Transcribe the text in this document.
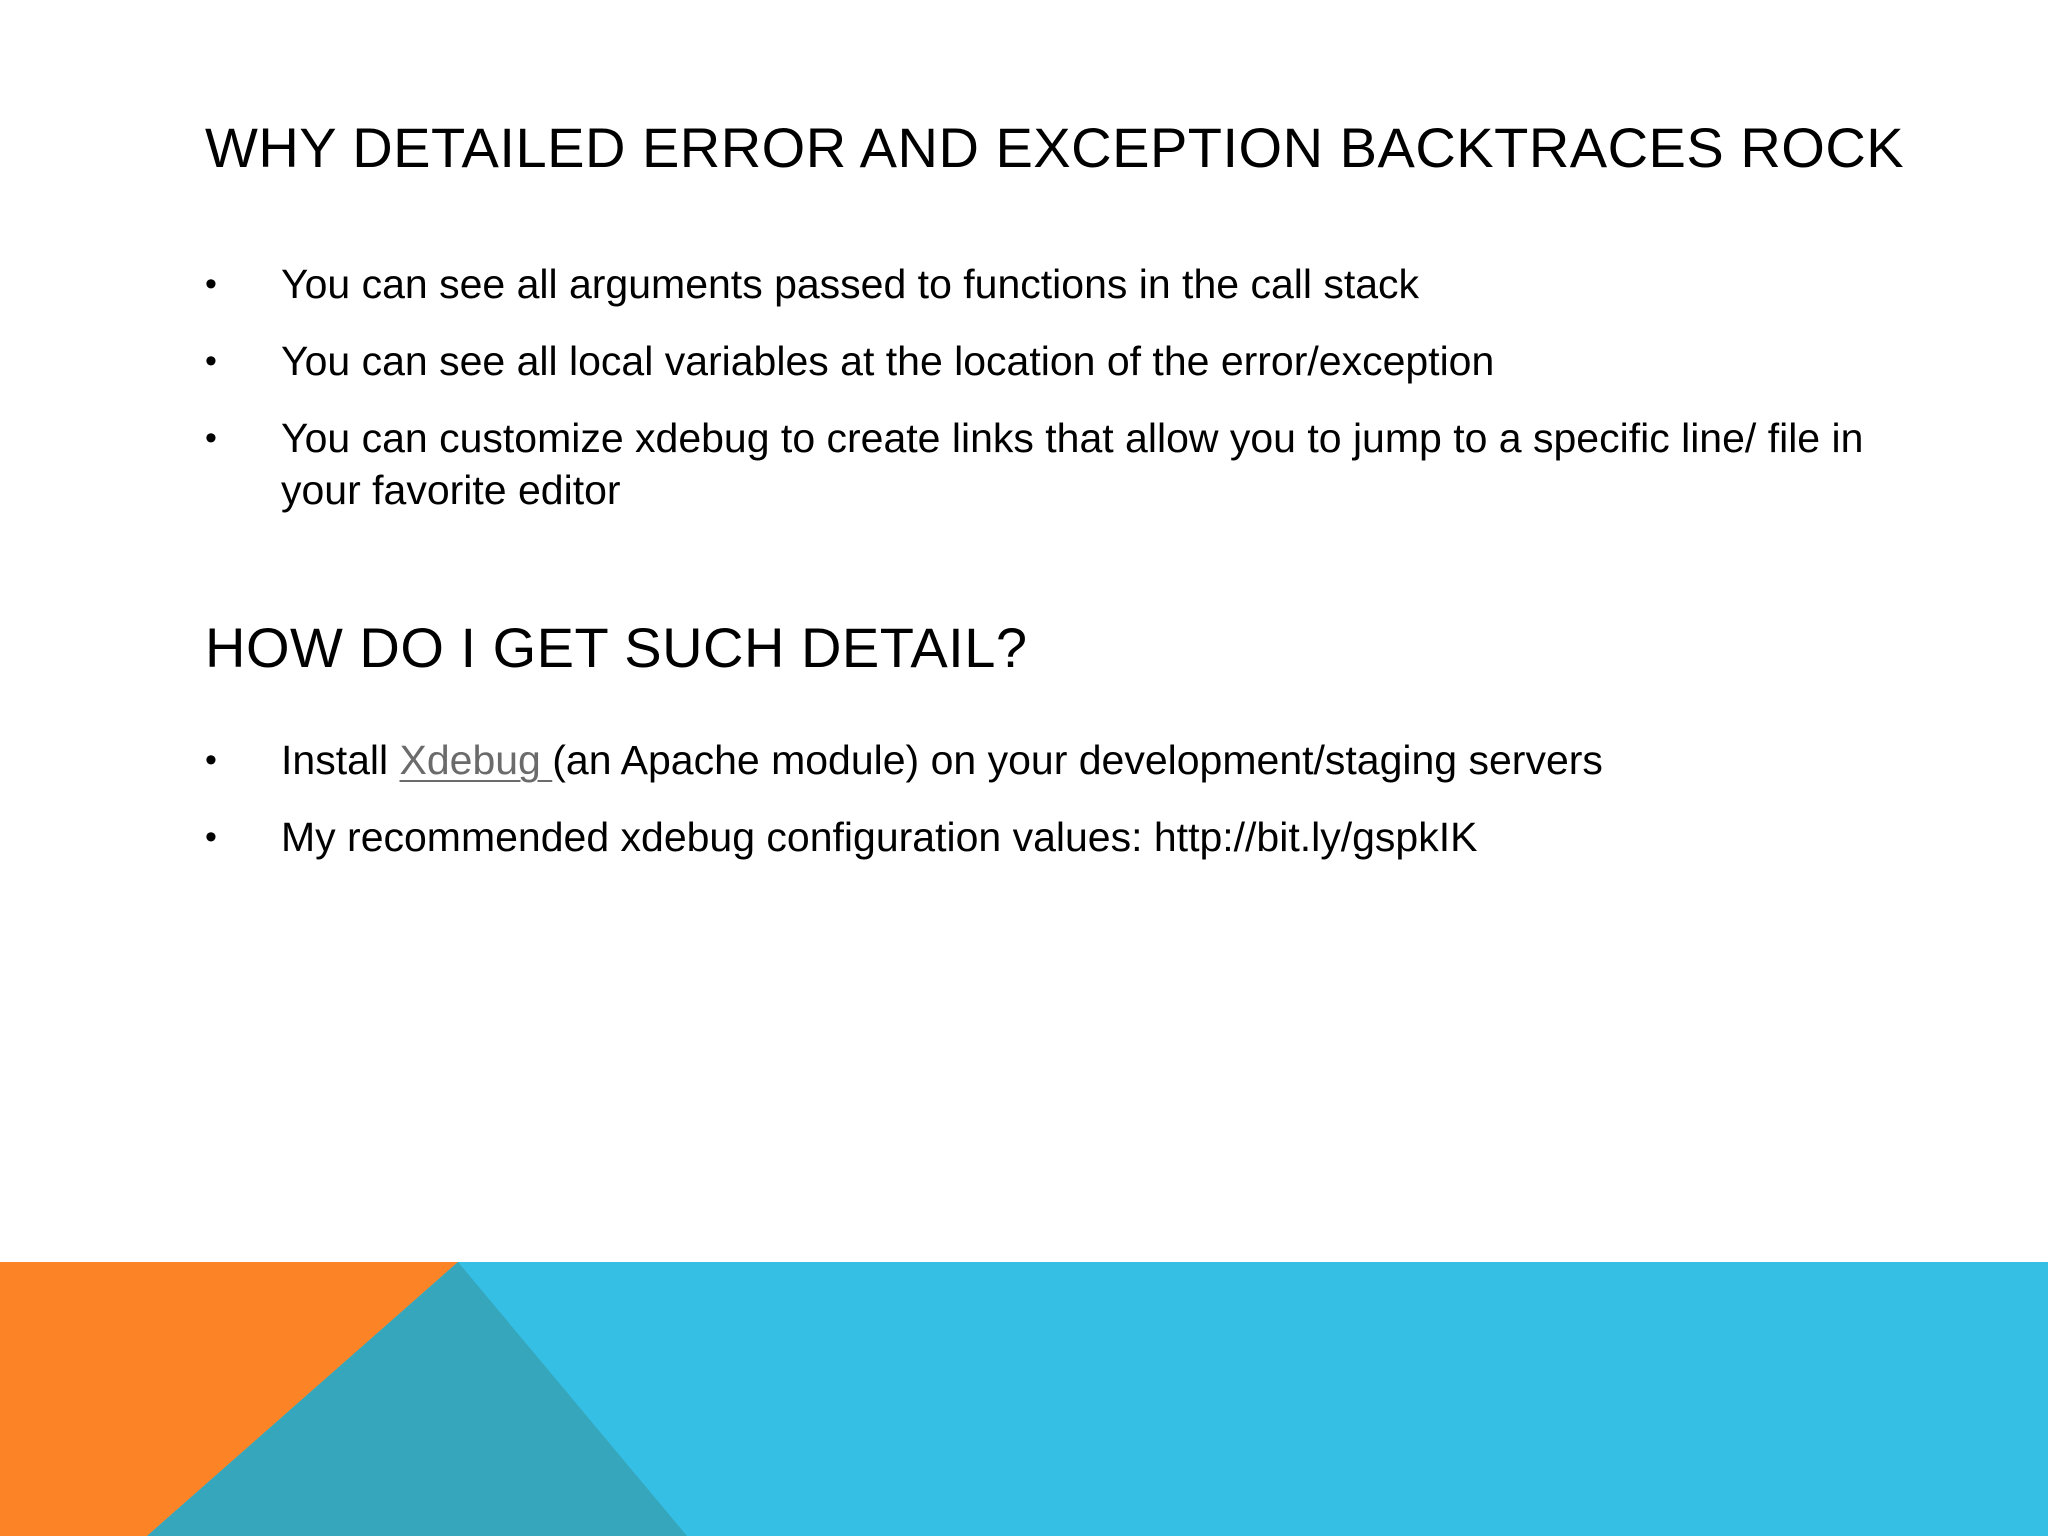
WHY DETAILED ERROR AND EXCEPTION BACKTRACES ROCK
• You can see all arguments passed to functions in the call stack
• You can see all local variables at the location of the error/exception
• You can customize xdebug to create links that allow you to jump to a specific line/ file in your favorite editor
HOW DO I GET SUCH DETAIL?
• Install Xdebug (an Apache module) on your development/staging servers
• My recommended xdebug configuration values: http://bit.ly/gspkIK
